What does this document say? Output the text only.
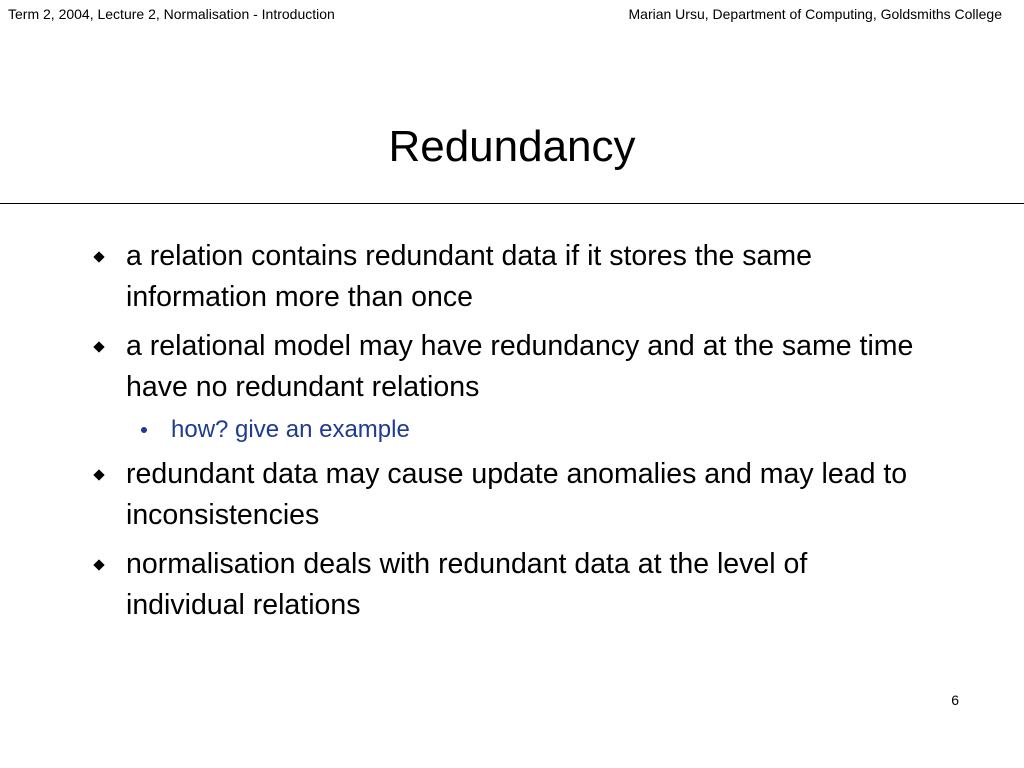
Term 2, 2004, Lecture 2, Normalisation - Introduction	Marian Ursu, Department of Computing, Goldsmiths College
Redundancy
a relation contains redundant data if it stores the same information more than once
a relational model may have redundancy and at the same time have no redundant relations
how? give an example
redundant data may cause update anomalies and may lead to inconsistencies
normalisation deals with redundant data at the level of individual relations
6
